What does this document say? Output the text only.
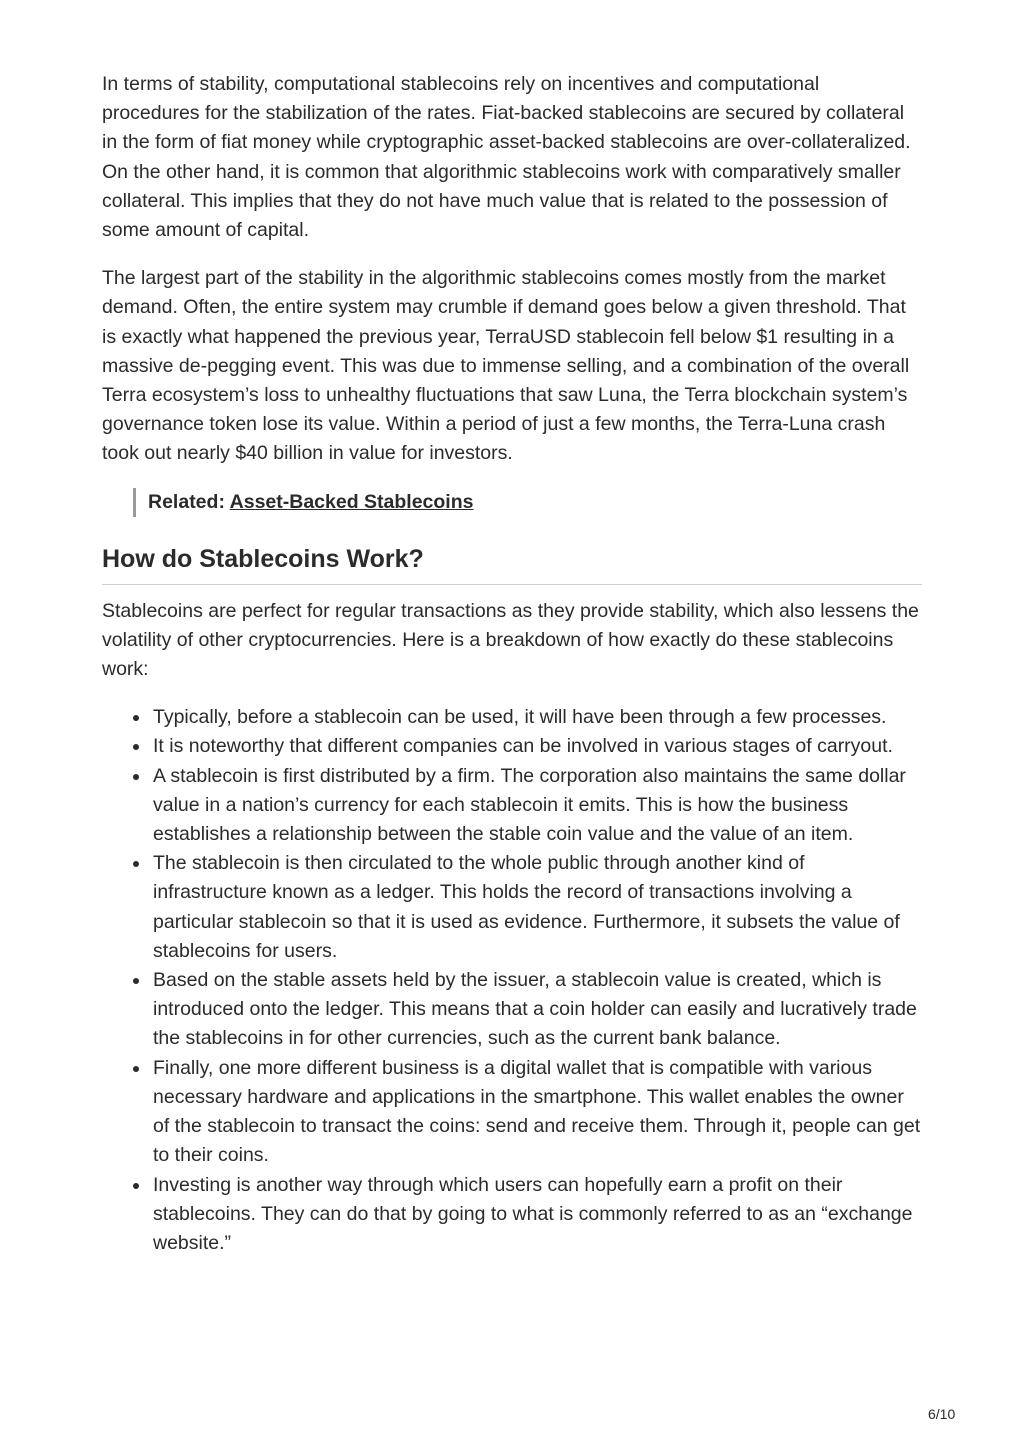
In terms of stability, computational stablecoins rely on incentives and computational procedures for the stabilization of the rates. Fiat-backed stablecoins are secured by collateral in the form of fiat money while cryptographic asset-backed stablecoins are over-collateralized. On the other hand, it is common that algorithmic stablecoins work with comparatively smaller collateral. This implies that they do not have much value that is related to the possession of some amount of capital.

The largest part of the stability in the algorithmic stablecoins comes mostly from the market demand. Often, the entire system may crumble if demand goes below a given threshold. That is exactly what happened the previous year, TerraUSD stablecoin fell below $1 resulting in a massive de-pegging event. This was due to immense selling, and a combination of the overall Terra ecosystem’s loss to unhealthy fluctuations that saw Luna, the Terra blockchain system’s governance token lose its value. Within a period of just a few months, the Terra-Luna crash took out nearly $40 billion in value for investors.

Related: Asset-Backed Stablecoins
How do Stablecoins Work?

Stablecoins are perfect for regular transactions as they provide stability, which also lessens the volatility of other cryptocurrencies. Here is a breakdown of how exactly do these stablecoins work:

Typically, before a stablecoin can be used, it will have been through a few processes.
It is noteworthy that different companies can be involved in various stages of carryout.
A stablecoin is first distributed by a firm. The corporation also maintains the same dollar value in a nation’s currency for each stablecoin it emits. This is how the business establishes a relationship between the stable coin value and the value of an item.
The stablecoin is then circulated to the whole public through another kind of infrastructure known as a ledger. This holds the record of transactions involving a particular stablecoin so that it is used as evidence. Furthermore, it subsets the value of stablecoins for users.
Based on the stable assets held by the issuer, a stablecoin value is created, which is introduced onto the ledger. This means that a coin holder can easily and lucratively trade the stablecoins in for other currencies, such as the current bank balance.
Finally, one more different business is a digital wallet that is compatible with various necessary hardware and applications in the smartphone. This wallet enables the owner of the stablecoin to transact the coins: send and receive them. Through it, people can get to their coins.
Investing is another way through which users can hopefully earn a profit on their stablecoins. They can do that by going to what is commonly referred to as an “exchange website.”
6/10
